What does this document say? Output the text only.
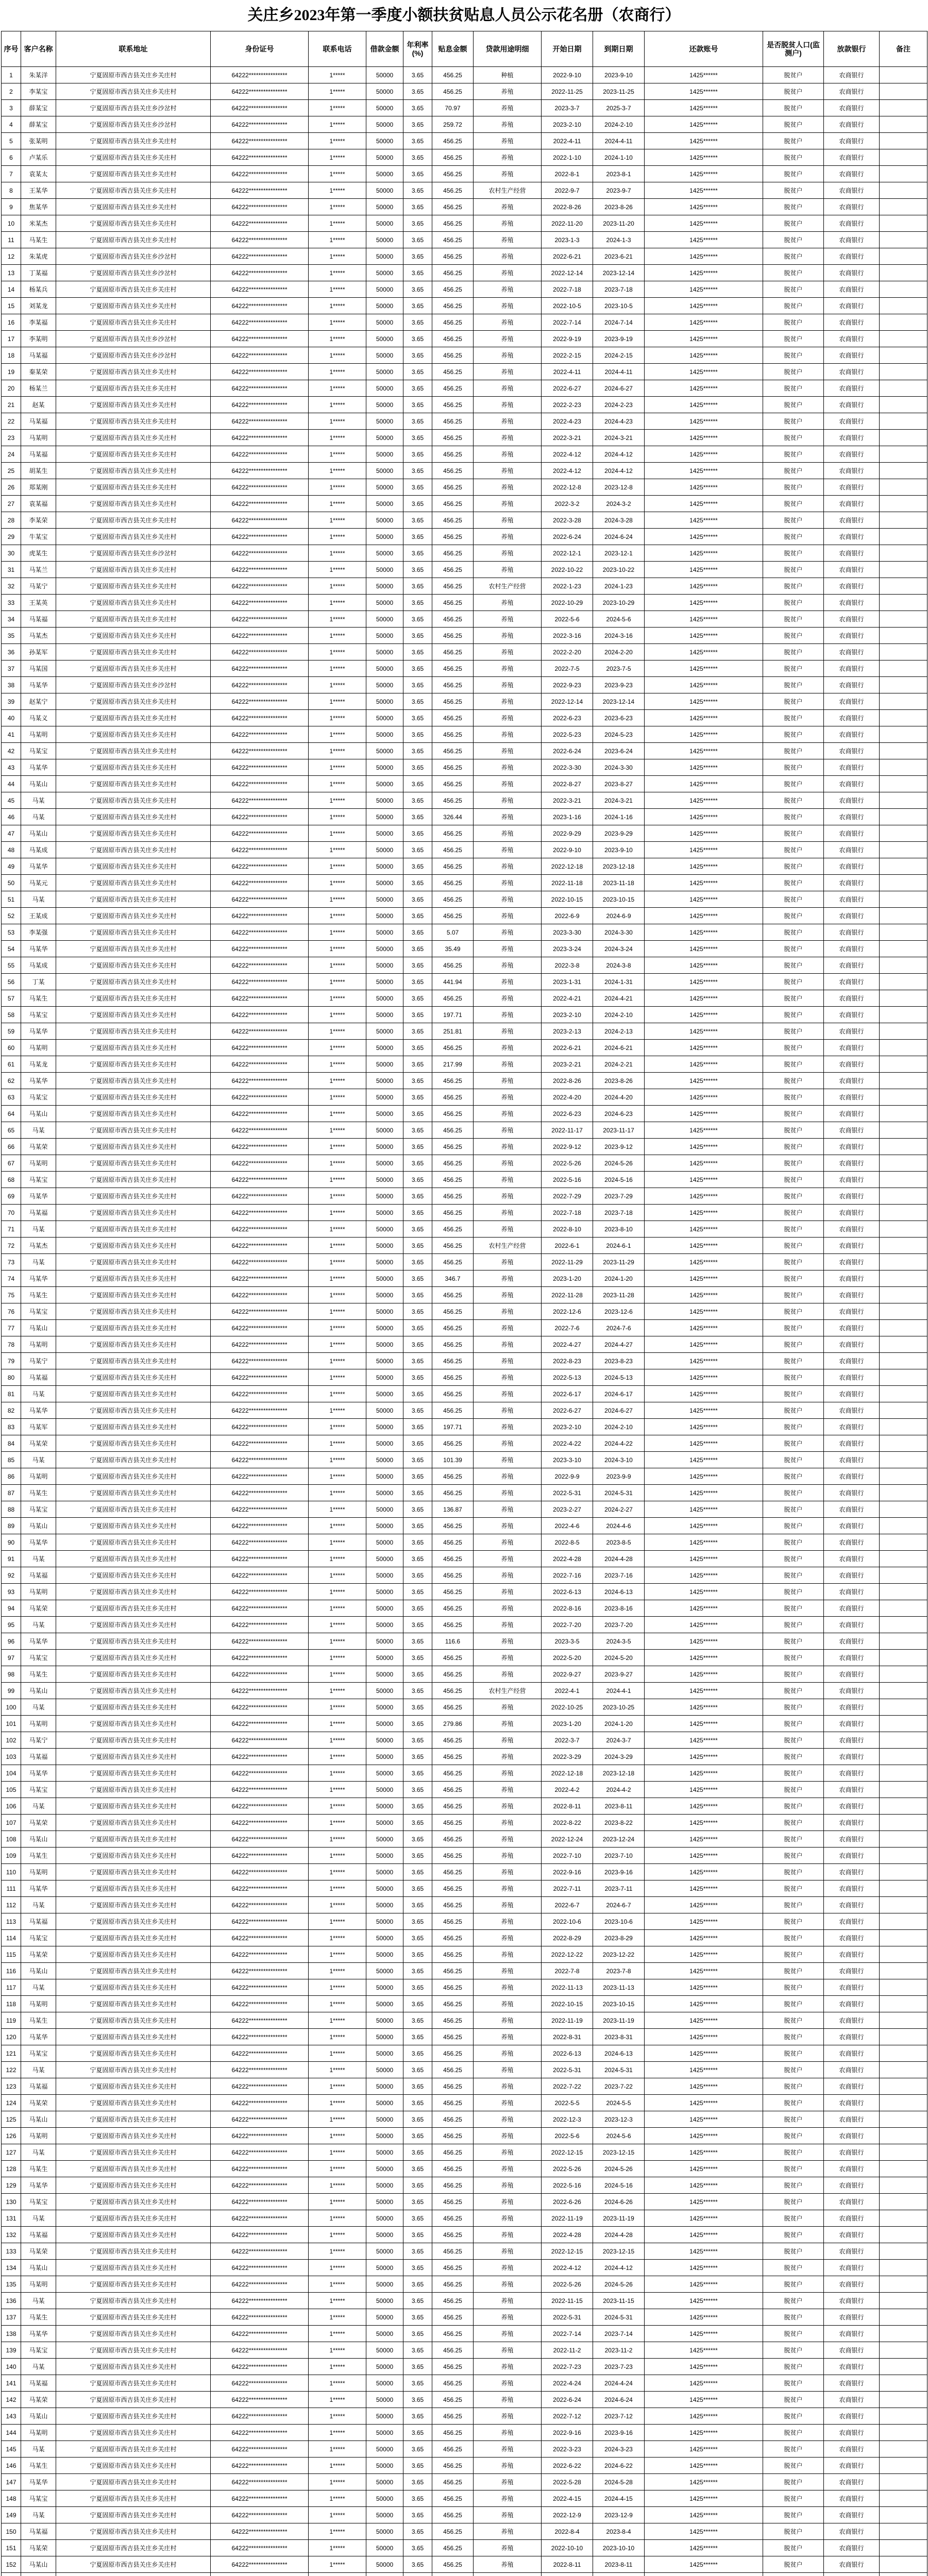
关庄乡2023年第一季度小额扶贫贴息人员公示花名册（农商行）
序号	客户名称	联系地址	身份证号	联系电话	借款金额	年利率(%)	贴息金额	贷款用途明细	开始日期	到期日期	还款账号	是否脱贫人口(监测户)	放款银行	备注
1	朱某洋	宁夏固原市西吉县关庄乡关庄村	64222****************	1*****	50000	3.65	456.25	种植	2022-9-10	2023-9-10	1425******	脱贫户	农商银行	
2	李某宝	宁夏固原市西吉县关庄乡关庄村	64222****************	1*****	50000	3.65	456.25	养殖	2022-11-25	2023-11-25	1425******	脱贫户	农商银行	
3	薛某宝	宁夏固原市西吉县关庄乡沙岔村	64222****************	1*****	50000	3.65	70.97	养殖	2023-3-7	2025-3-7	1425******	脱贫户	农商银行	
4	薛某宝	宁夏固原市西吉县关庄乡沙岔村	64222****************	1*****	50000	3.65	259.72	养殖	2023-2-10	2024-2-10	1425******	脱贫户	农商银行	
5	张某明	宁夏固原市西吉县关庄乡关庄村	64222****************	1*****	50000	3.65	456.25	养殖	2022-4-11	2024-4-11	1425******	脱贫户	农商银行	
6	卢某乐	宁夏固原市西吉县关庄乡关庄村	64222****************	1*****	50000	3.65	456.25	养殖	2022-1-10	2024-1-10	1425******	脱贫户	农商银行	
7	袁某太	宁夏固原市西吉县关庄乡关庄村	64222****************	1*****	50000	3.65	456.25	养殖	2022-8-1	2023-8-1	1425******	脱贫户	农商银行	
8	王某华	宁夏固原市西吉县关庄乡关庄村	64222****************	1*****	50000	3.65	456.25	农村生产经营	2022-9-7	2023-9-7	1425******	脱贫户	农商银行	
9	焦某华	宁夏固原市西吉县关庄乡关庄村	64222****************	1*****	50000	3.65	456.25	养殖	2022-8-26	2023-8-26	1425******	脱贫户	农商银行	
10	米某杰	宁夏固原市西吉县关庄乡关庄村	64222****************	1*****	50000	3.65	456.25	养殖	2022-11-20	2023-11-20	1425******	脱贫户	农商银行	
11	马某生	宁夏固原市西吉县关庄乡关庄村	64222****************	1*****	50000	3.65	456.25	养殖	2023-1-3	2024-1-3	1425******	脱贫户	农商银行	
12	朱某虎	宁夏固原市西吉县关庄乡沙岔村	64222****************	1*****	50000	3.65	456.25	养殖	2022-6-21	2023-6-21	1425******	脱贫户	农商银行	
13	丁某福	宁夏固原市西吉县关庄乡沙岔村	64222****************	1*****	50000	3.65	456.25	养殖	2022-12-14	2023-12-14	1425******	脱贫户	农商银行	
14	杨某兵	宁夏固原市西吉县关庄乡关庄村	64222****************	1*****	50000	3.65	456.25	养殖	2022-7-18	2023-7-18	1425******	脱贫户	农商银行	
15	刘某龙	宁夏固原市西吉县关庄乡关庄村	64222****************	1*****	50000	3.65	456.25	养殖	2022-10-5	2023-10-5	1425******	脱贫户	农商银行	
16	李某福	宁夏固原市西吉县关庄乡关庄村	64222****************	1*****	50000	3.65	456.25	养殖	2022-7-14	2024-7-14	1425******	脱贫户	农商银行	
17	李某明	宁夏固原市西吉县关庄乡沙岔村	64222****************	1*****	50000	3.65	456.25	养殖	2022-9-19	2023-9-19	1425******	脱贫户	农商银行	
18	马某福	宁夏固原市西吉县关庄乡沙岔村	64222****************	1*****	50000	3.65	456.25	养殖	2022-2-15	2024-2-15	1425******	脱贫户	农商银行	
19	秦某荣	宁夏固原市西吉县关庄乡关庄村	64222****************	1*****	50000	3.65	456.25	养殖	2022-4-11	2024-4-11	1425******	脱贫户	农商银行	
20	杨某兰	宁夏固原市西吉县关庄乡关庄村	64222****************	1*****	50000	3.65	456.25	养殖	2022-6-27	2024-6-27	1425******	脱贫户	农商银行	
21	赵某	宁夏固原市西吉县关庄乡关庄村	64222****************	1*****	50000	3.65	456.25	养殖	2022-2-23	2024-2-23	1425******	脱贫户	农商银行	
22	马某福	宁夏固原市西吉县关庄乡关庄村	64222****************	1*****	50000	3.65	456.25	养殖	2022-4-23	2024-4-23	1425******	脱贫户	农商银行	
23	马某明	宁夏固原市西吉县关庄乡关庄村	64222****************	1*****	50000	3.65	456.25	养殖	2022-3-21	2024-3-21	1425******	脱贫户	农商银行	
24	马某福	宁夏固原市西吉县关庄乡关庄村	64222****************	1*****	50000	3.65	456.25	养殖	2022-4-12	2024-4-12	1425******	脱贫户	农商银行	
25	胡某生	宁夏固原市西吉县关庄乡关庄村	64222****************	1*****	50000	3.65	456.25	养殖	2022-4-12	2024-4-12	1425******	脱贫户	农商银行	
26	郑某刚	宁夏固原市西吉县关庄乡关庄村	64222****************	1*****	50000	3.65	456.25	养殖	2022-12-8	2023-12-8	1425******	脱贫户	农商银行	
27	袁某福	宁夏固原市西吉县关庄乡关庄村	64222****************	1*****	50000	3.65	456.25	养殖	2022-3-2	2024-3-2	1425******	脱贫户	农商银行	
28	李某荣	宁夏固原市西吉县关庄乡关庄村	64222****************	1*****	50000	3.65	456.25	养殖	2022-3-28	2024-3-28	1425******	脱贫户	农商银行	
29	牛某宝	宁夏固原市西吉县关庄乡关庄村	64222****************	1*****	50000	3.65	456.25	养殖	2022-6-24	2024-6-24	1425******	脱贫户	农商银行	
30	虎某生	宁夏固原市西吉县关庄乡沙岔村	64222****************	1*****	50000	3.65	456.25	养殖	2022-12-1	2023-12-1	1425******	脱贫户	农商银行	
31	马某兰	宁夏固原市西吉县关庄乡关庄村	64222****************	1*****	50000	3.65	456.25	养殖	2022-10-22	2023-10-22	1425******	脱贫户	农商银行	
32	马某宁	宁夏固原市西吉县关庄乡关庄村	64222****************	1*****	50000	3.65	456.25	农村生产经营	2022-1-23	2024-1-23	1425******	脱贫户	农商银行	
33	王某英	宁夏固原市西吉县关庄乡关庄村	64222****************	1*****	50000	3.65	456.25	养殖	2022-10-29	2023-10-29	1425******	脱贫户	农商银行	
34	马某福	宁夏固原市西吉县关庄乡关庄村	64222****************	1*****	50000	3.65	456.25	养殖	2022-5-6	2024-5-6	1425******	脱贫户	农商银行	
35	马某杰	宁夏固原市西吉县关庄乡关庄村	64222****************	1*****	50000	3.65	456.25	养殖	2022-3-16	2024-3-16	1425******	脱贫户	农商银行	
36	孙某军	宁夏固原市西吉县关庄乡关庄村	64222****************	1*****	50000	3.65	456.25	养殖	2022-2-20	2024-2-20	1425******	脱贫户	农商银行	
37	马某国	宁夏固原市西吉县关庄乡关庄村	64222****************	1*****	50000	3.65	456.25	养殖	2022-7-5	2023-7-5	1425******	脱贫户	农商银行	
38	马某华	宁夏固原市西吉县关庄乡沙岔村	64222****************	1*****	50000	3.65	456.25	养殖	2022-9-23	2023-9-23	1425******	脱贫户	农商银行	
39	赵某宁	宁夏固原市西吉县关庄乡关庄村	64222****************	1*****	50000	3.65	456.25	养殖	2022-12-14	2023-12-14	1425******	脱贫户	农商银行	
40	马某义	宁夏固原市西吉县关庄乡关庄村	64222****************	1*****	50000	3.65	456.25	养殖	2022-6-23	2023-6-23	1425******	脱贫户	农商银行	
41	马某明	宁夏固原市西吉县关庄乡关庄村	64222****************	1*****	50000	3.65	456.25	养殖	2022-5-23	2024-5-23	1425******	脱贫户	农商银行	
42	马某宝	宁夏固原市西吉县关庄乡关庄村	64222****************	1*****	50000	3.65	456.25	养殖	2022-6-24	2023-6-24	1425******	脱贫户	农商银行	
43	马某华	宁夏固原市西吉县关庄乡关庄村	64222****************	1*****	50000	3.65	456.25	养殖	2022-3-30	2024-3-30	1425******	脱贫户	农商银行	
44	马某山	宁夏固原市西吉县关庄乡关庄村	64222****************	1*****	50000	3.65	456.25	养殖	2022-8-27	2023-8-27	1425******	脱贫户	农商银行	
45	马某	宁夏固原市西吉县关庄乡关庄村	64222****************	1*****	50000	3.65	456.25	养殖	2022-3-21	2024-3-21	1425******	脱贫户	农商银行	
46	马某	宁夏固原市西吉县关庄乡关庄村	64222****************	1*****	50000	3.65	326.44	养殖	2023-1-16	2024-1-16	1425******	脱贫户	农商银行	
47	马某山	宁夏固原市西吉县关庄乡关庄村	64222****************	1*****	50000	3.65	456.25	养殖	2022-9-29	2023-9-29	1425******	脱贫户	农商银行	
48	马某成	宁夏固原市西吉县关庄乡关庄村	64222****************	1*****	50000	3.65	456.25	养殖	2022-9-10	2023-9-10	1425******	脱贫户	农商银行	
49	马某华	宁夏固原市西吉县关庄乡关庄村	64222****************	1*****	50000	3.65	456.25	养殖	2022-12-18	2023-12-18	1425******	脱贫户	农商银行	
50	马某元	宁夏固原市西吉县关庄乡关庄村	64222****************	1*****	50000	3.65	456.25	养殖	2022-11-18	2023-11-18	1425******	脱贫户	农商银行	
51	马某	宁夏固原市西吉县关庄乡关庄村	64222****************	1*****	50000	3.65	456.25	养殖	2022-10-15	2023-10-15	1425******	脱贫户	农商银行	
52	王某成	宁夏固原市西吉县关庄乡关庄村	64222****************	1*****	50000	3.65	456.25	养殖	2022-6-9	2024-6-9	1425******	脱贫户	农商银行	
53	李某强	宁夏固原市西吉县关庄乡关庄村	64222****************	1*****	50000	3.65	5.07	养殖	2023-3-30	2024-3-30	1425******	脱贫户	农商银行	
54	马某华	宁夏固原市西吉县关庄乡关庄村	64222****************	1*****	50000	3.65	35.49	养殖	2023-3-24	2024-3-24	1425******	脱贫户	农商银行	
55	马某成	宁夏固原市西吉县关庄乡关庄村	64222****************	1*****	50000	3.65	456.25	养殖	2022-3-8	2024-3-8	1425******	脱贫户	农商银行	
56	丁某	宁夏固原市西吉县关庄乡关庄村	64222****************	1*****	50000	3.65	441.94	养殖	2023-1-31	2024-1-31	1425******	脱贫户	农商银行	
57	马某生	宁夏固原市西吉县关庄乡关庄村	64222****************	1*****	50000	3.65	456.25	养殖	2022-4-21	2024-4-21	1425******	脱贫户	农商银行	
58	马某宝	宁夏固原市西吉县关庄乡关庄村	64222****************	1*****	50000	3.65	197.71	养殖	2023-2-10	2024-2-10	1425******	脱贫户	农商银行	
59	马某华	宁夏固原市西吉县关庄乡关庄村	64222****************	1*****	50000	3.65	251.81	养殖	2023-2-13	2024-2-13	1425******	脱贫户	农商银行	
60	马某明	宁夏固原市西吉县关庄乡关庄村	64222****************	1*****	50000	3.65	456.25	养殖	2022-6-21	2024-6-21	1425******	脱贫户	农商银行	
61	马某龙	宁夏固原市西吉县关庄乡关庄村	64222****************	1*****	50000	3.65	217.99	养殖	2023-2-21	2024-2-21	1425******	脱贫户	农商银行	
62	马某华	宁夏固原市西吉县关庄乡关庄村	64222****************	1*****	50000	3.65	456.25	养殖	2022-8-26	2023-8-26	1425******	脱贫户	农商银行	
63	马某宝	宁夏固原市西吉县关庄乡关庄村	64222****************	1*****	50000	3.65	456.25	养殖	2022-4-20	2024-4-20	1425******	脱贫户	农商银行	
64	马某山	宁夏固原市西吉县关庄乡关庄村	64222****************	1*****	50000	3.65	456.25	养殖	2022-6-23	2024-6-23	1425******	脱贫户	农商银行	
65	马某	宁夏固原市西吉县关庄乡关庄村	64222****************	1*****	50000	3.65	456.25	养殖	2022-11-17	2023-11-17	1425******	脱贫户	农商银行	
66	马某荣	宁夏固原市西吉县关庄乡关庄村	64222****************	1*****	50000	3.65	456.25	养殖	2022-9-12	2023-9-12	1425******	脱贫户	农商银行	
67	马某明	宁夏固原市西吉县关庄乡关庄村	64222****************	1*****	50000	3.65	456.25	养殖	2022-5-26	2024-5-26	1425******	脱贫户	农商银行	
68	马某宝	宁夏固原市西吉县关庄乡关庄村	64222****************	1*****	50000	3.65	456.25	养殖	2022-5-16	2024-5-16	1425******	脱贫户	农商银行	
69	马某华	宁夏固原市西吉县关庄乡关庄村	64222****************	1*****	50000	3.65	456.25	养殖	2022-7-29	2023-7-29	1425******	脱贫户	农商银行	
70	马某福	宁夏固原市西吉县关庄乡关庄村	64222****************	1*****	50000	3.65	456.25	养殖	2022-7-18	2023-7-18	1425******	脱贫户	农商银行	
71	马某	宁夏固原市西吉县关庄乡关庄村	64222****************	1*****	50000	3.65	456.25	养殖	2022-8-10	2023-8-10	1425******	脱贫户	农商银行	
72	马某杰	宁夏固原市西吉县关庄乡关庄村	64222****************	1*****	50000	3.65	456.25	农村生产经营	2022-6-1	2024-6-1	1425******	脱贫户	农商银行	
73	马某	宁夏固原市西吉县关庄乡关庄村	64222****************	1*****	50000	3.65	456.25	养殖	2022-11-29	2023-11-29	1425******	脱贫户	农商银行	
74	马某华	宁夏固原市西吉县关庄乡关庄村	64222****************	1*****	50000	3.65	346.7	养殖	2023-1-20	2024-1-20	1425******	脱贫户	农商银行	
75	马某生	宁夏固原市西吉县关庄乡关庄村	64222****************	1*****	50000	3.65	456.25	养殖	2022-11-28	2023-11-28	1425******	脱贫户	农商银行	
76	马某宝	宁夏固原市西吉县关庄乡关庄村	64222****************	1*****	50000	3.65	456.25	养殖	2022-12-6	2023-12-6	1425******	脱贫户	农商银行	
77	马某山	宁夏固原市西吉县关庄乡关庄村	64222****************	1*****	50000	3.65	456.25	养殖	2022-7-6	2024-7-6	1425******	脱贫户	农商银行	
78	马某明	宁夏固原市西吉县关庄乡关庄村	64222****************	1*****	50000	3.65	456.25	养殖	2022-4-27	2024-4-27	1425******	脱贫户	农商银行	
79	马某宁	宁夏固原市西吉县关庄乡关庄村	64222****************	1*****	50000	3.65	456.25	养殖	2022-8-23	2023-8-23	1425******	脱贫户	农商银行	
80	马某福	宁夏固原市西吉县关庄乡关庄村	64222****************	1*****	50000	3.65	456.25	养殖	2022-5-13	2024-5-13	1425******	脱贫户	农商银行	
81	马某	宁夏固原市西吉县关庄乡关庄村	64222****************	1*****	50000	3.65	456.25	养殖	2022-6-17	2024-6-17	1425******	脱贫户	农商银行	
82	马某华	宁夏固原市西吉县关庄乡关庄村	64222****************	1*****	50000	3.65	456.25	养殖	2022-6-27	2024-6-27	1425******	脱贫户	农商银行	
83	马某军	宁夏固原市西吉县关庄乡关庄村	64222****************	1*****	50000	3.65	197.71	养殖	2023-2-10	2024-2-10	1425******	脱贫户	农商银行	
84	马某荣	宁夏固原市西吉县关庄乡关庄村	64222****************	1*****	50000	3.65	456.25	养殖	2022-4-22	2024-4-22	1425******	脱贫户	农商银行	
85	马某	宁夏固原市西吉县关庄乡关庄村	64222****************	1*****	50000	3.65	101.39	养殖	2023-3-10	2024-3-10	1425******	脱贫户	农商银行	
86	马某明	宁夏固原市西吉县关庄乡关庄村	64222****************	1*****	50000	3.65	456.25	养殖	2022-9-9	2023-9-9	1425******	脱贫户	农商银行	
87	马某生	宁夏固原市西吉县关庄乡关庄村	64222****************	1*****	50000	3.65	456.25	养殖	2022-5-31	2024-5-31	1425******	脱贫户	农商银行	
88	马某宝	宁夏固原市西吉县关庄乡关庄村	64222****************	1*****	50000	3.65	136.87	养殖	2023-2-27	2024-2-27	1425******	脱贫户	农商银行	
89	马某山	宁夏固原市西吉县关庄乡关庄村	64222****************	1*****	50000	3.65	456.25	养殖	2022-4-6	2024-4-6	1425******	脱贫户	农商银行	
90	马某华	宁夏固原市西吉县关庄乡关庄村	64222****************	1*****	50000	3.65	456.25	养殖	2022-8-5	2023-8-5	1425******	脱贫户	农商银行	
91	马某	宁夏固原市西吉县关庄乡关庄村	64222****************	1*****	50000	3.65	456.25	养殖	2022-4-28	2024-4-28	1425******	脱贫户	农商银行	
92	马某福	宁夏固原市西吉县关庄乡关庄村	64222****************	1*****	50000	3.65	456.25	养殖	2022-7-16	2023-7-16	1425******	脱贫户	农商银行	
93	马某明	宁夏固原市西吉县关庄乡关庄村	64222****************	1*****	50000	3.65	456.25	养殖	2022-6-13	2024-6-13	1425******	脱贫户	农商银行	
94	马某荣	宁夏固原市西吉县关庄乡关庄村	64222****************	1*****	50000	3.65	456.25	养殖	2022-8-16	2023-8-16	1425******	脱贫户	农商银行	
95	马某	宁夏固原市西吉县关庄乡关庄村	64222****************	1*****	50000	3.65	456.25	养殖	2022-7-20	2023-7-20	1425******	脱贫户	农商银行	
96	马某华	宁夏固原市西吉县关庄乡关庄村	64222****************	1*****	50000	3.65	116.6	养殖	2023-3-5	2024-3-5	1425******	脱贫户	农商银行	
97	马某宝	宁夏固原市西吉县关庄乡关庄村	64222****************	1*****	50000	3.65	456.25	养殖	2022-5-20	2024-5-20	1425******	脱贫户	农商银行	
98	马某生	宁夏固原市西吉县关庄乡关庄村	64222****************	1*****	50000	3.65	456.25	养殖	2022-9-27	2023-9-27	1425******	脱贫户	农商银行	
99	马某山	宁夏固原市西吉县关庄乡关庄村	64222****************	1*****	50000	3.65	456.25	农村生产经营	2022-4-1	2024-4-1	1425******	脱贫户	农商银行	
100	马某	宁夏固原市西吉县关庄乡关庄村	64222****************	1*****	50000	3.65	456.25	养殖	2022-10-25	2023-10-25	1425******	脱贫户	农商银行	
101	马某明	宁夏固原市西吉县关庄乡关庄村	64222****************	1*****	50000	3.65	279.86	养殖	2023-1-20	2024-1-20	1425******	脱贫户	农商银行	
102	马某宁	宁夏固原市西吉县关庄乡关庄村	64222****************	1*****	50000	3.65	456.25	养殖	2022-3-7	2024-3-7	1425******	脱贫户	农商银行	
103	马某福	宁夏固原市西吉县关庄乡关庄村	64222****************	1*****	50000	3.65	456.25	养殖	2022-3-29	2024-3-29	1425******	脱贫户	农商银行	
104	马某华	宁夏固原市西吉县关庄乡关庄村	64222****************	1*****	50000	3.65	456.25	养殖	2022-12-18	2023-12-18	1425******	脱贫户	农商银行	
105	马某宝	宁夏固原市西吉县关庄乡关庄村	64222****************	1*****	50000	3.65	456.25	养殖	2022-4-2	2024-4-2	1425******	脱贫户	农商银行	
106	马某	宁夏固原市西吉县关庄乡关庄村	64222****************	1*****	50000	3.65	456.25	养殖	2022-8-11	2023-8-11	1425******	脱贫户	农商银行	
107	马某荣	宁夏固原市西吉县关庄乡关庄村	64222****************	1*****	50000	3.65	456.25	养殖	2022-8-22	2023-8-22	1425******	脱贫户	农商银行	
108	马某山	宁夏固原市西吉县关庄乡关庄村	64222****************	1*****	50000	3.65	456.25	养殖	2022-12-24	2023-12-24	1425******	脱贫户	农商银行	
109	马某生	宁夏固原市西吉县关庄乡关庄村	64222****************	1*****	50000	3.65	456.25	养殖	2022-7-10	2023-7-10	1425******	脱贫户	农商银行	
110	马某明	宁夏固原市西吉县关庄乡关庄村	64222****************	1*****	50000	3.65	456.25	养殖	2022-9-16	2023-9-16	1425******	脱贫户	农商银行	
111	马某华	宁夏固原市西吉县关庄乡关庄村	64222****************	1*****	50000	3.65	456.25	养殖	2022-7-11	2023-7-11	1425******	脱贫户	农商银行	
112	马某	宁夏固原市西吉县关庄乡关庄村	64222****************	1*****	50000	3.65	456.25	养殖	2022-6-7	2024-6-7	1425******	脱贫户	农商银行	
113	马某福	宁夏固原市西吉县关庄乡关庄村	64222****************	1*****	50000	3.65	456.25	养殖	2022-10-6	2023-10-6	1425******	脱贫户	农商银行	
114	马某宝	宁夏固原市西吉县关庄乡关庄村	64222****************	1*****	50000	3.65	456.25	养殖	2022-8-29	2023-8-29	1425******	脱贫户	农商银行	
115	马某荣	宁夏固原市西吉县关庄乡关庄村	64222****************	1*****	50000	3.65	456.25	养殖	2022-12-22	2023-12-22	1425******	脱贫户	农商银行	
116	马某山	宁夏固原市西吉县关庄乡关庄村	64222****************	1*****	50000	3.65	456.25	养殖	2022-7-8	2023-7-8	1425******	脱贫户	农商银行	
117	马某	宁夏固原市西吉县关庄乡关庄村	64222****************	1*****	50000	3.65	456.25	养殖	2022-11-13	2023-11-13	1425******	脱贫户	农商银行	
118	马某明	宁夏固原市西吉县关庄乡关庄村	64222****************	1*****	50000	3.65	456.25	养殖	2022-10-15	2023-10-15	1425******	脱贫户	农商银行	
119	马某生	宁夏固原市西吉县关庄乡关庄村	64222****************	1*****	50000	3.65	456.25	养殖	2022-11-19	2023-11-19	1425******	脱贫户	农商银行	
120	马某华	宁夏固原市西吉县关庄乡关庄村	64222****************	1*****	50000	3.65	456.25	养殖	2022-8-31	2023-8-31	1425******	脱贫户	农商银行	
121	马某宝	宁夏固原市西吉县关庄乡关庄村	64222****************	1*****	50000	3.65	456.25	养殖	2022-6-13	2024-6-13	1425******	脱贫户	农商银行	
122	马某	宁夏固原市西吉县关庄乡关庄村	64222****************	1*****	50000	3.65	456.25	养殖	2022-5-31	2024-5-31	1425******	脱贫户	农商银行	
123	马某福	宁夏固原市西吉县关庄乡关庄村	64222****************	1*****	50000	3.65	456.25	养殖	2022-7-22	2023-7-22	1425******	脱贫户	农商银行	
124	马某荣	宁夏固原市西吉县关庄乡关庄村	64222****************	1*****	50000	3.65	456.25	养殖	2022-5-5	2024-5-5	1425******	脱贫户	农商银行	
125	马某山	宁夏固原市西吉县关庄乡关庄村	64222****************	1*****	50000	3.65	456.25	养殖	2022-12-3	2023-12-3	1425******	脱贫户	农商银行	
126	马某明	宁夏固原市西吉县关庄乡关庄村	64222****************	1*****	50000	3.65	456.25	养殖	2022-5-6	2024-5-6	1425******	脱贫户	农商银行	
127	马某	宁夏固原市西吉县关庄乡关庄村	64222****************	1*****	50000	3.65	456.25	养殖	2022-12-15	2023-12-15	1425******	脱贫户	农商银行	
128	马某生	宁夏固原市西吉县关庄乡关庄村	64222****************	1*****	50000	3.65	456.25	养殖	2022-5-26	2024-5-26	1425******	脱贫户	农商银行	
129	马某华	宁夏固原市西吉县关庄乡关庄村	64222****************	1*****	50000	3.65	456.25	养殖	2022-5-16	2024-5-16	1425******	脱贫户	农商银行	
130	马某宝	宁夏固原市西吉县关庄乡关庄村	64222****************	1*****	50000	3.65	456.25	养殖	2022-6-26	2024-6-26	1425******	脱贫户	农商银行	
131	马某	宁夏固原市西吉县关庄乡关庄村	64222****************	1*****	50000	3.65	456.25	养殖	2022-11-19	2023-11-19	1425******	脱贫户	农商银行	
132	马某福	宁夏固原市西吉县关庄乡关庄村	64222****************	1*****	50000	3.65	456.25	养殖	2022-4-28	2024-4-28	1425******	脱贫户	农商银行	
133	马某荣	宁夏固原市西吉县关庄乡关庄村	64222****************	1*****	50000	3.65	456.25	养殖	2022-12-15	2023-12-15	1425******	脱贫户	农商银行	
134	马某山	宁夏固原市西吉县关庄乡关庄村	64222****************	1*****	50000	3.65	456.25	养殖	2022-4-12	2024-4-12	1425******	脱贫户	农商银行	
135	马某明	宁夏固原市西吉县关庄乡关庄村	64222****************	1*****	50000	3.65	456.25	养殖	2022-5-26	2024-5-26	1425******	脱贫户	农商银行	
136	马某	宁夏固原市西吉县关庄乡关庄村	64222****************	1*****	50000	3.65	456.25	养殖	2022-11-15	2023-11-15	1425******	脱贫户	农商银行	
137	马某生	宁夏固原市西吉县关庄乡关庄村	64222****************	1*****	50000	3.65	456.25	养殖	2022-5-31	2024-5-31	1425******	脱贫户	农商银行	
138	马某华	宁夏固原市西吉县关庄乡关庄村	64222****************	1*****	50000	3.65	456.25	养殖	2022-7-14	2023-7-14	1425******	脱贫户	农商银行	
139	马某宝	宁夏固原市西吉县关庄乡关庄村	64222****************	1*****	50000	3.65	456.25	养殖	2022-11-2	2023-11-2	1425******	脱贫户	农商银行	
140	马某	宁夏固原市西吉县关庄乡关庄村	64222****************	1*****	50000	3.65	456.25	养殖	2022-7-23	2023-7-23	1425******	脱贫户	农商银行	
141	马某福	宁夏固原市西吉县关庄乡关庄村	64222****************	1*****	50000	3.65	456.25	养殖	2022-4-24	2024-4-24	1425******	脱贫户	农商银行	
142	马某荣	宁夏固原市西吉县关庄乡关庄村	64222****************	1*****	50000	3.65	456.25	养殖	2022-6-24	2024-6-24	1425******	脱贫户	农商银行	
143	马某山	宁夏固原市西吉县关庄乡关庄村	64222****************	1*****	50000	3.65	456.25	养殖	2022-7-12	2023-7-12	1425******	脱贫户	农商银行	
144	马某明	宁夏固原市西吉县关庄乡关庄村	64222****************	1*****	50000	3.65	456.25	养殖	2022-9-16	2023-9-16	1425******	脱贫户	农商银行	
145	马某	宁夏固原市西吉县关庄乡关庄村	64222****************	1*****	50000	3.65	456.25	养殖	2022-3-23	2024-3-23	1425******	脱贫户	农商银行	
146	马某生	宁夏固原市西吉县关庄乡关庄村	64222****************	1*****	50000	3.65	456.25	养殖	2022-6-22	2024-6-22	1425******	脱贫户	农商银行	
147	马某华	宁夏固原市西吉县关庄乡关庄村	64222****************	1*****	50000	3.65	456.25	养殖	2022-5-28	2024-5-28	1425******	脱贫户	农商银行	
148	马某宝	宁夏固原市西吉县关庄乡关庄村	64222****************	1*****	50000	3.65	456.25	养殖	2022-4-15	2024-4-15	1425******	脱贫户	农商银行	
149	马某	宁夏固原市西吉县关庄乡关庄村	64222****************	1*****	50000	3.65	456.25	养殖	2022-12-9	2023-12-9	1425******	脱贫户	农商银行	
150	马某福	宁夏固原市西吉县关庄乡关庄村	64222****************	1*****	50000	3.65	456.25	养殖	2022-8-4	2023-8-4	1425******	脱贫户	农商银行	
151	马某荣	宁夏固原市西吉县关庄乡关庄村	64222****************	1*****	50000	3.65	456.25	养殖	2022-10-10	2023-10-10	1425******	脱贫户	农商银行	
152	马某山	宁夏固原市西吉县关庄乡关庄村	64222****************	1*****	50000	3.65	456.25	养殖	2022-8-11	2023-8-11	1425******	脱贫户	农商银行	
